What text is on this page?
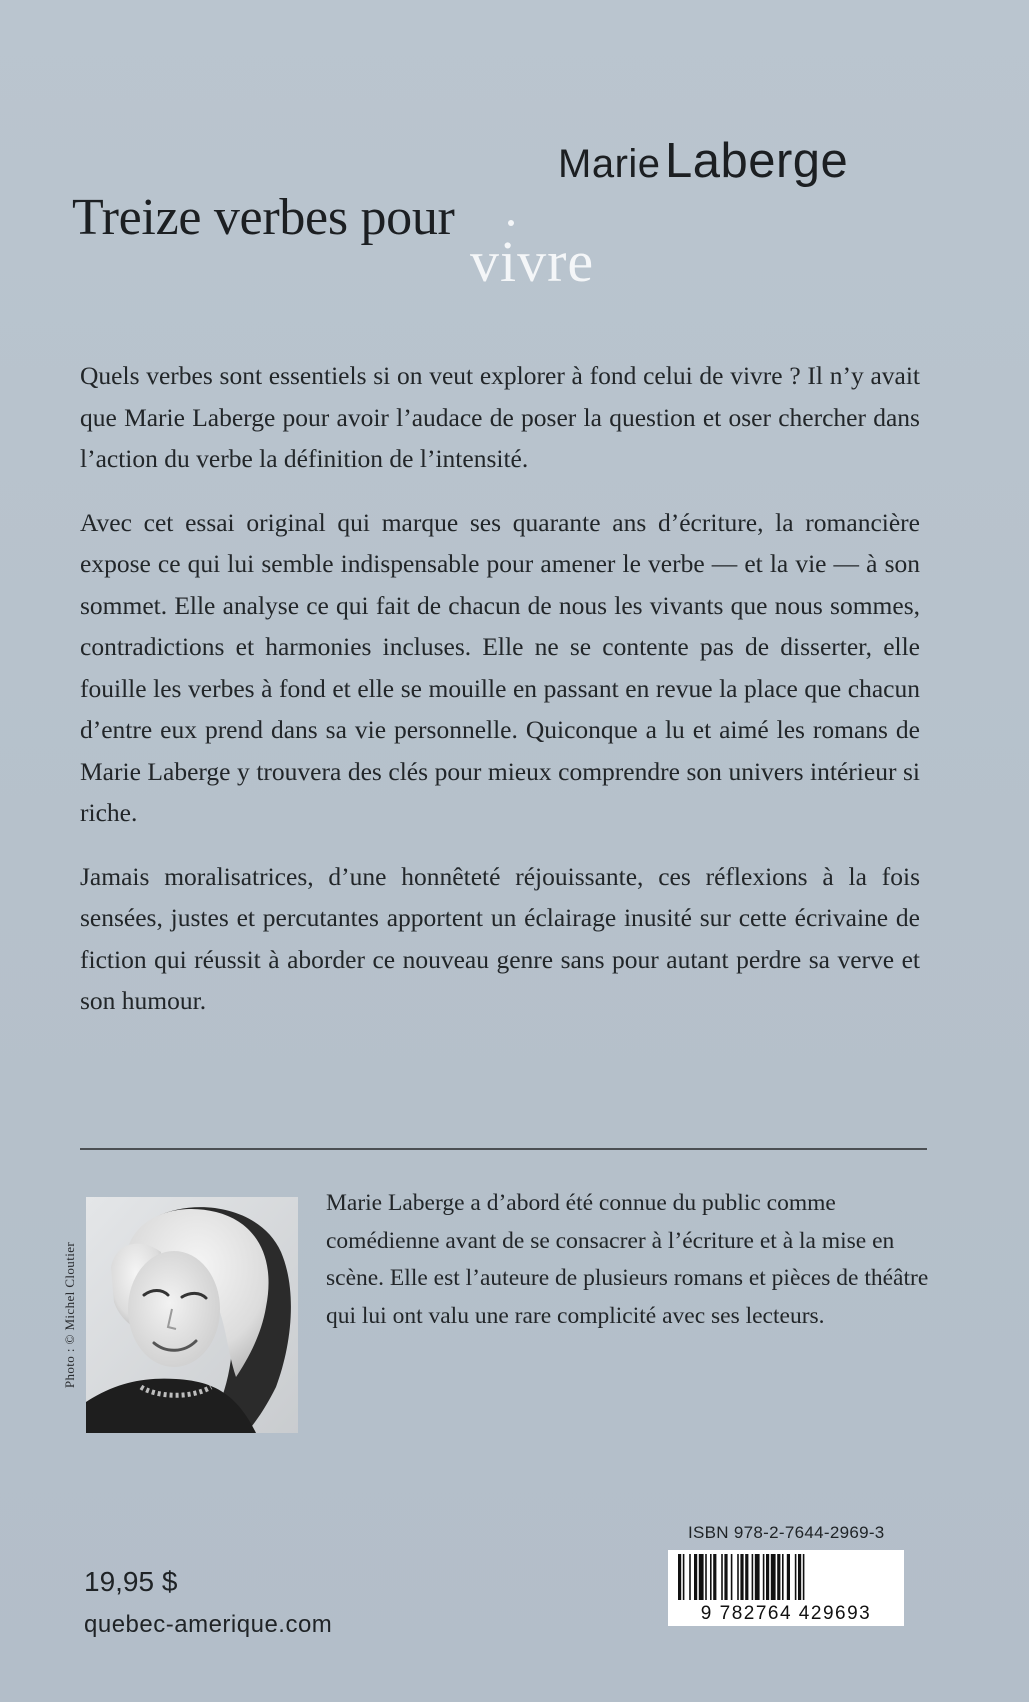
Marie Laberge
Treize verbes pour
vivre

Quels verbes sont essentiels si on veut explorer à fond celui de vivre ? Il n’y avait que Marie Laberge pour avoir l’audace de poser la question et oser chercher dans l’action du verbe la définition de l’intensité.

Avec cet essai original qui marque ses quarante ans d’écriture, la romancière expose ce qui lui semble indispensable pour amener le verbe — et la vie — à son sommet. Elle analyse ce qui fait de chacun de nous les vivants que nous sommes, contradictions et harmonies incluses. Elle ne se contente pas de disserter, elle fouille les verbes à fond et elle se mouille en passant en revue la place que chacun d’entre eux prend dans sa vie personnelle. Quiconque a lu et aimé les romans de Marie Laberge y trouvera des clés pour mieux comprendre son univers intérieur si riche.

Jamais moralisatrices, d’une honnêteté réjouissante, ces réflexions à la fois sensées, justes et percutantes apportent un éclairage inusité sur cette écrivaine de fiction qui réussit à aborder ce nouveau genre sans pour autant perdre sa verve et son humour.

Photo : © Michel Cloutier
Marie Laberge a d’abord été connue du public comme comédienne avant de se consacrer à l’écriture et à la mise en scène. Elle est l’auteure de plusieurs romans et pièces de théâtre qui lui ont valu une rare complicité avec ses lecteurs.
ISBN 978-2-7644-2969-3
9 782764 429693
19,95 $
quebec-amerique.com
